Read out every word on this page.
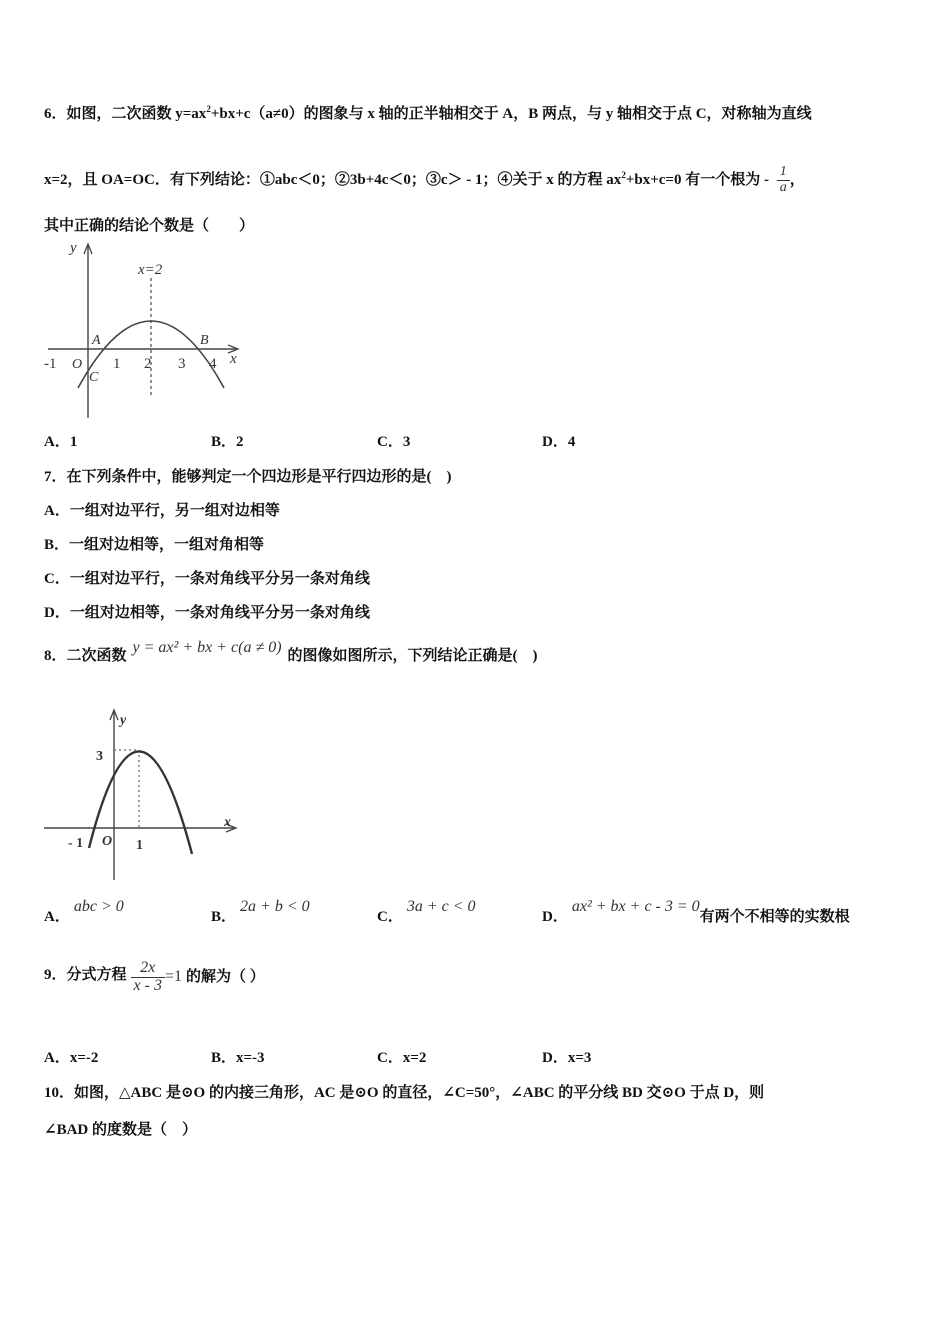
6．如图，二次函数 $y=ax^2+bx+c(a\ne 0)$的图象与 x 轴的正半轴相交于 A，B 两点，与 y 轴相交于点 C，对称轴为直线
x=2，且 OA=OC．有下列结论：①abc＜0；②3b+4c＜0；③c＞ - 1；④关于 x 的方程 $ax^2+bx+c=0$ 有一个根为 - $\frac{1}{a}$ ，
其中正确的结论个数是（　　）
y
x
x=2
A	B
C
O
-1	1 2 3 4
A．1	B．2	C．3	D．4
7．在下列条件中，能够判定一个四边形是平行四边形的是(　)
A．一组对边平行，另一组对边相等
B．一组对边相等，一组对角相等
C．一组对边平行，一条对角线平分另一条对角线
D．一组对边相等，一条对角线平分另一条对角线
8．二次函数 y = ax² + bx + c(a ≠ 0) 的图像如图所示，下列结论正确是(　)
y
x
3
- 1	1
O
A． abc > 0
B． 2a + b < 0
C． 3a + c < 0
D． ax² + bx + c - 3 = 0有两个不相等的实数根
9．分式方程 $\frac{2x}{x - 3} =1$ 的解为（ ）
A．x=-2	B．x=-3	C．x=2	D．x=3
10．如图，△ABC 是⊙O 的内接三角形，AC 是⊙O 的直径，∠C=50°，∠ABC 的平分线 BD 交⊙O 于点 D，则
∠BAD 的度数是（　）
